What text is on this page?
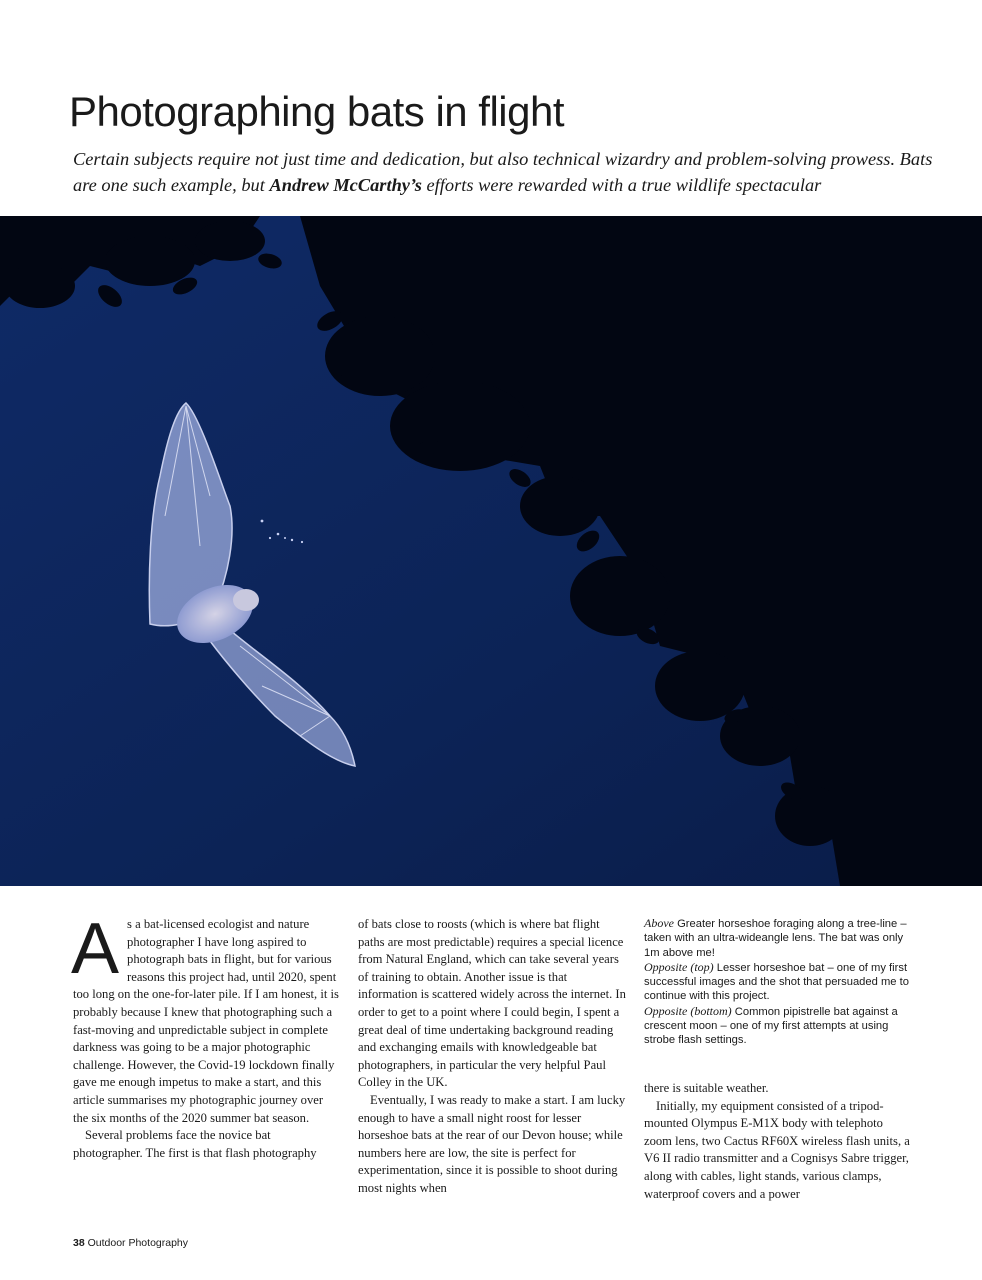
Photographing bats in flight

Certain subjects require not just time and dedication, but also technical wizardry and problem-solving prowess. Bats are one such example, but Andrew McCarthy’s efforts were rewarded with a true wildlife spectacular

As a bat-licensed ecologist and nature photographer I have long aspired to photograph bats in flight, but for various reasons this project had, until 2020, spent too long on the one-for-later pile. If I am honest, it is probably because I knew that photographing such a fast-moving and unpredictable subject in complete darkness was going to be a major photographic challenge. However, the Covid-19 lockdown finally gave me enough impetus to make a start, and this article summarises my photographic journey over the six months of the 2020 summer bat season.

Several problems face the novice bat photographer. The first is that flash photography

of bats close to roosts (which is where bat flight paths are most predictable) requires a special licence from Natural England, which can take several years of training to obtain. Another issue is that information is scattered widely across the internet. In order to get to a point where I could begin, I spent a great deal of time undertaking background reading and exchanging emails with knowledgeable bat photographers, in particular the very helpful Paul Colley in the UK.

Eventually, I was ready to make a start. I am lucky enough to have a small night roost for lesser horseshoe bats at the rear of our Devon house; while numbers here are low, the site is perfect for experimentation, since it is possible to shoot during most nights when

Above Greater horseshoe foraging along a tree-line – taken with an ultra-wideangle lens. The bat was only 1m above me!

Opposite (top) Lesser horseshoe bat – one of my first successful images and the shot that persuaded me to continue with this project.

Opposite (bottom) Common pipistrelle bat against a crescent moon – one of my first attempts at using strobe flash settings.

there is suitable weather.

Initially, my equipment consisted of a tripod-mounted Olympus E-M1X body with telephoto zoom lens, two Cactus RF60X wireless flash units, a V6 II radio transmitter and a Cognisys Sabre trigger, along with cables, light stands, various clamps, waterproof covers and a power

38 Outdoor Photography
